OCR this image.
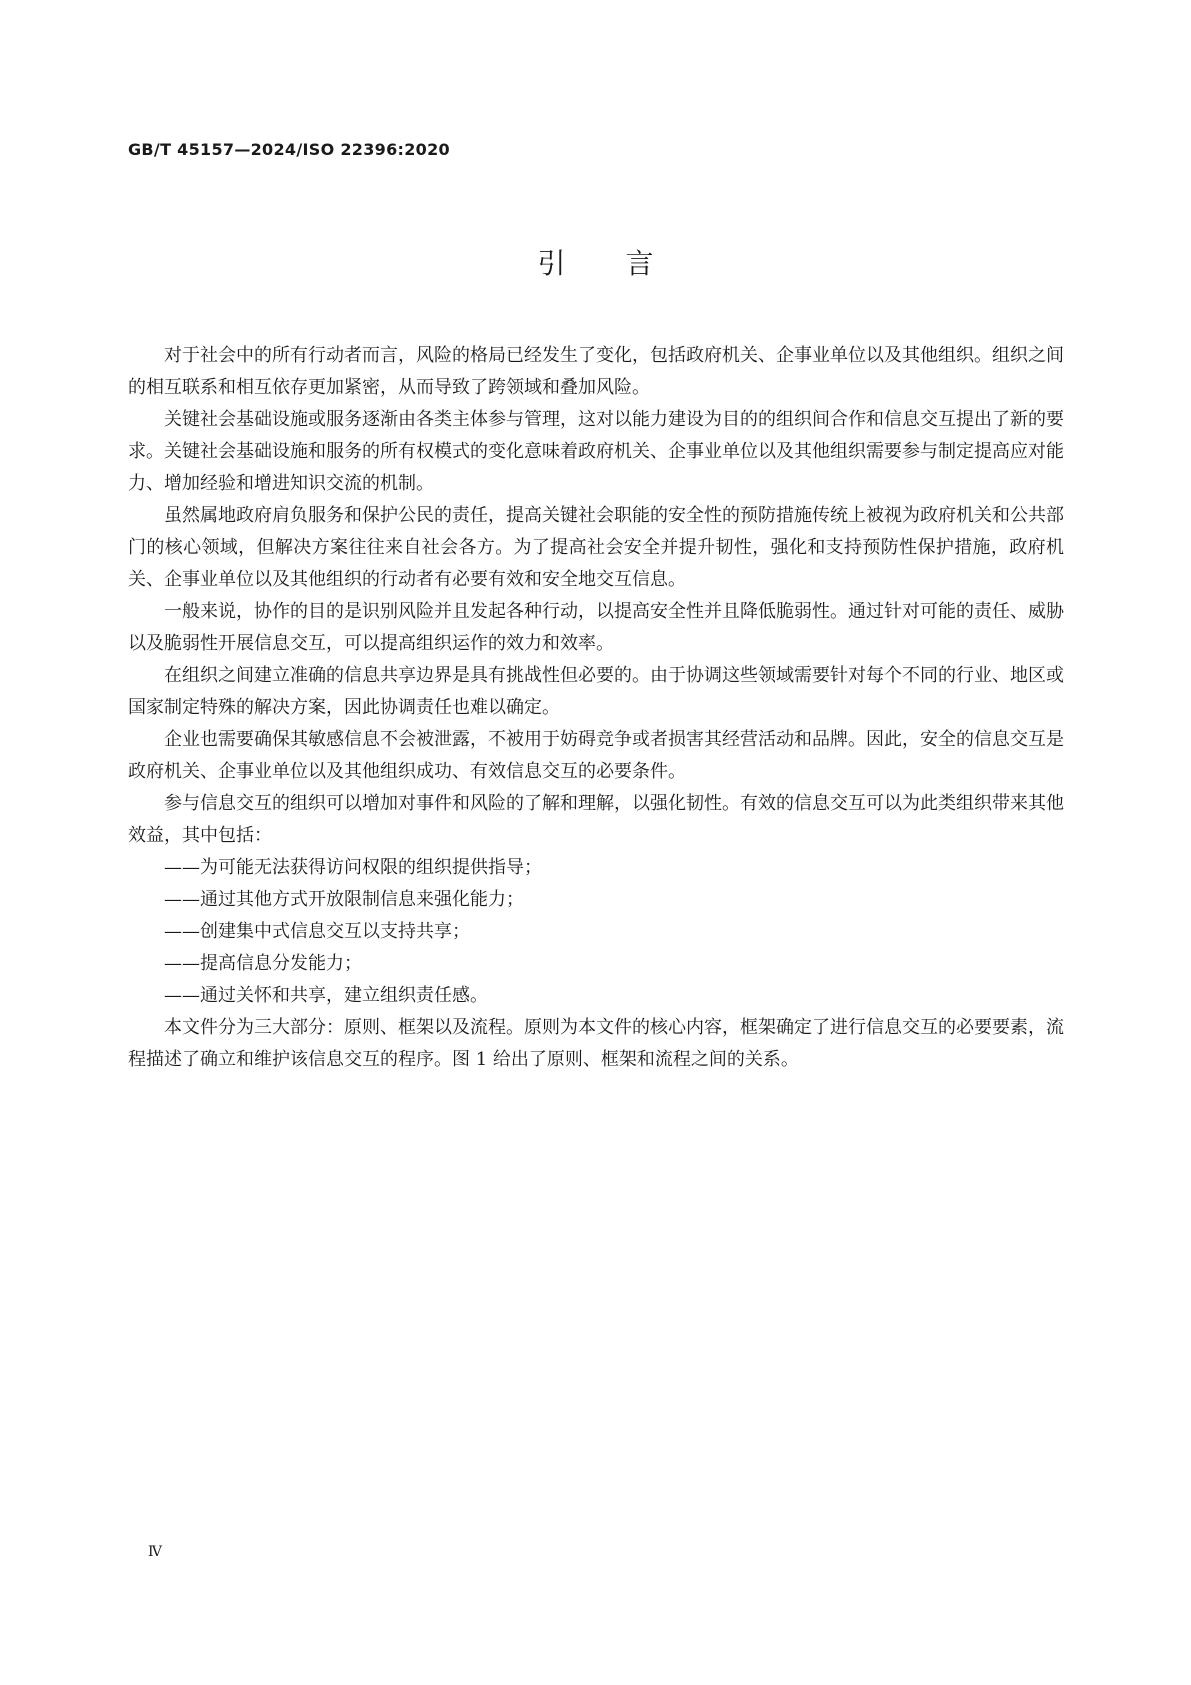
GB/T 45157—2024/ISO 22396:2020
引言

对于社会中的所有行动者而言，风险的格局已经发生了变化，包括政府机关、企事业单位以及其他组织。组织之间的相互联系和相互依存更加紧密，从而导致了跨领域和叠加风险。

关键社会基础设施或服务逐渐由各类主体参与管理，这对以能力建设为目的的组织间合作和信息交互提出了新的要求。关键社会基础设施和服务的所有权模式的变化意味着政府机关、企事业单位以及其他组织需要参与制定提高应对能力、增加经验和增进知识交流的机制。

虽然属地政府肩负服务和保护公民的责任，提高关键社会职能的安全性的预防措施传统上被视为政府机关和公共部门的核心领域，但解决方案往往来自社会各方。为了提高社会安全并提升韧性，强化和支持预防性保护措施，政府机关、企事业单位以及其他组织的行动者有必要有效和安全地交互信息。

一般来说，协作的目的是识别风险并且发起各种行动，以提高安全性并且降低脆弱性。通过针对可能的责任、威胁以及脆弱性开展信息交互，可以提高组织运作的效力和效率。

在组织之间建立准确的信息共享边界是具有挑战性但必要的。由于协调这些领域需要针对每个不同的行业、地区或国家制定特殊的解决方案，因此协调责任也难以确定。

企业也需要确保其敏感信息不会被泄露，不被用于妨碍竞争或者损害其经营活动和品牌。因此，安全的信息交互是政府机关、企事业单位以及其他组织成功、有效信息交互的必要条件。

参与信息交互的组织可以增加对事件和风险的了解和理解，以强化韧性。有效的信息交互可以为此类组织带来其他效益，其中包括：

——为可能无法获得访问权限的组织提供指导；

——通过其他方式开放限制信息来强化能力；

——创建集中式信息交互以支持共享；

——提高信息分发能力；

——通过关怀和共享，建立组织责任感。

本文件分为三大部分：原则、框架以及流程。原则为本文件的核心内容，框架确定了进行信息交互的必要要素，流程描述了确立和维护该信息交互的程序。图 1 给出了原则、框架和流程之间的关系。

Ⅳ
